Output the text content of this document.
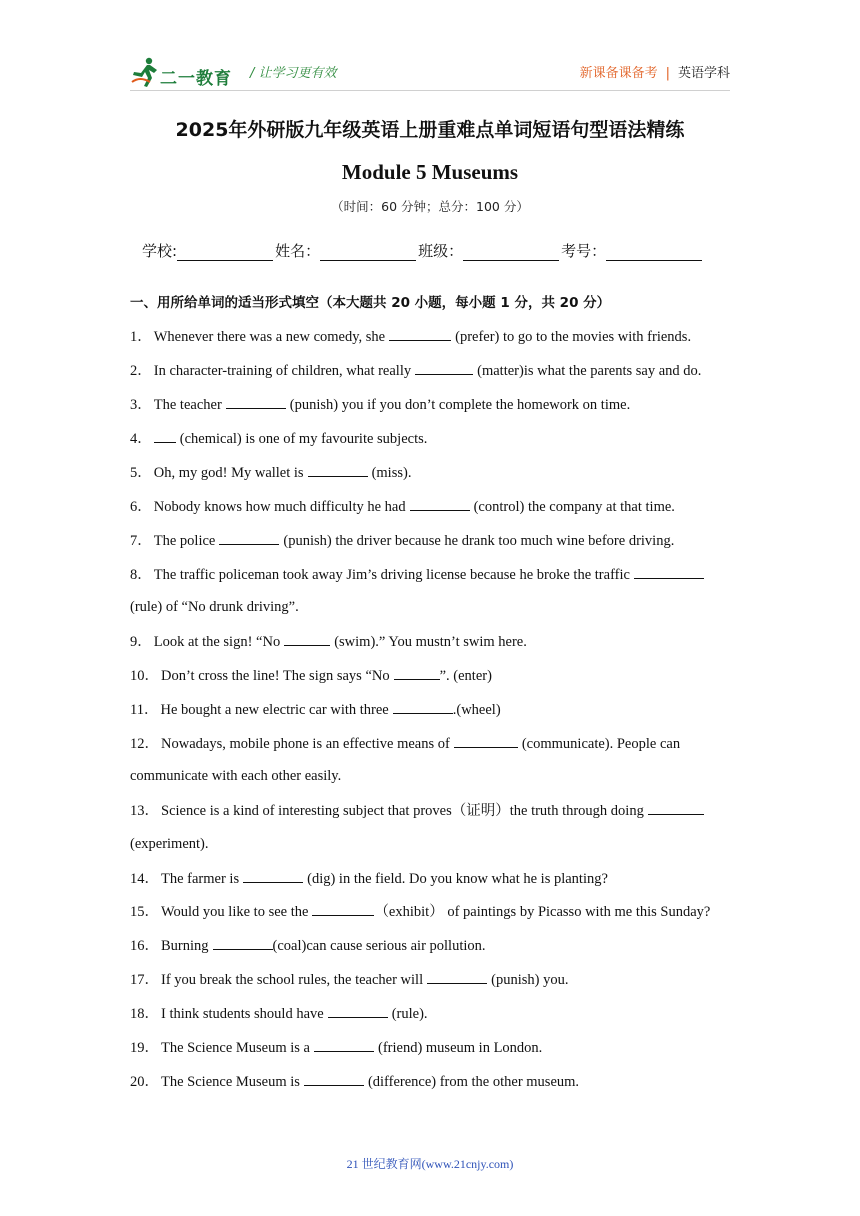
二一教育 / 让学习更有效	新课备课备考 | 英语学科
2025年外研版九年级英语上册重难点单词短语句型语法精练
Module 5 Museums
（时间：60 分钟；总分：100 分）
学校:	姓名：	班级：	考号：
一、用所给单词的适当形式填空（本大题共 20 小题，每小题 1 分，共 20 分）
1． Whenever there was a new comedy, she	(prefer) to go to the movies with friends.
2． In character-training of children, what really	(matter)is what the parents say and do.
3． The teacher	(punish) you if you don’t complete the homework on time.
4． (chemical) is one of my favourite subjects.
5． Oh, my god! My wallet is	(miss).
6． Nobody knows how much difficulty he had	(control) the company at that time.
7． The police	(punish) the driver because he drank too much wine before driving.
8． The traffic policeman took away Jim’s driving license because he broke the traffic
(rule) of “No drunk driving”.
9． Look at the sign! “No	(swim).” You mustn’t swim here.
10． Don’t cross the line! The sign says “No	”. (enter)
11． He bought a new electric car with three	.(wheel)
12． Nowadays, mobile phone is an effective means of	(communicate). People can
communicate with each other easily.
13． Science is a kind of interesting subject that proves（证明）the truth through doing
(experiment).
14． The farmer is	(dig) in the field. Do you know what he is planting?
15． Would you like to see the	（exhibit） of paintings by Picasso with me this Sunday?
16． Burning	(coal)can cause serious air pollution.
17． If you break the school rules, the teacher will	(punish) you.
18． I think students should have	(rule).
19． The Science Museum is a	(friend) museum in London.
20． The Science Museum is	(difference) from the other museum.
21 世纪教育网(www.21cnjy.com)
